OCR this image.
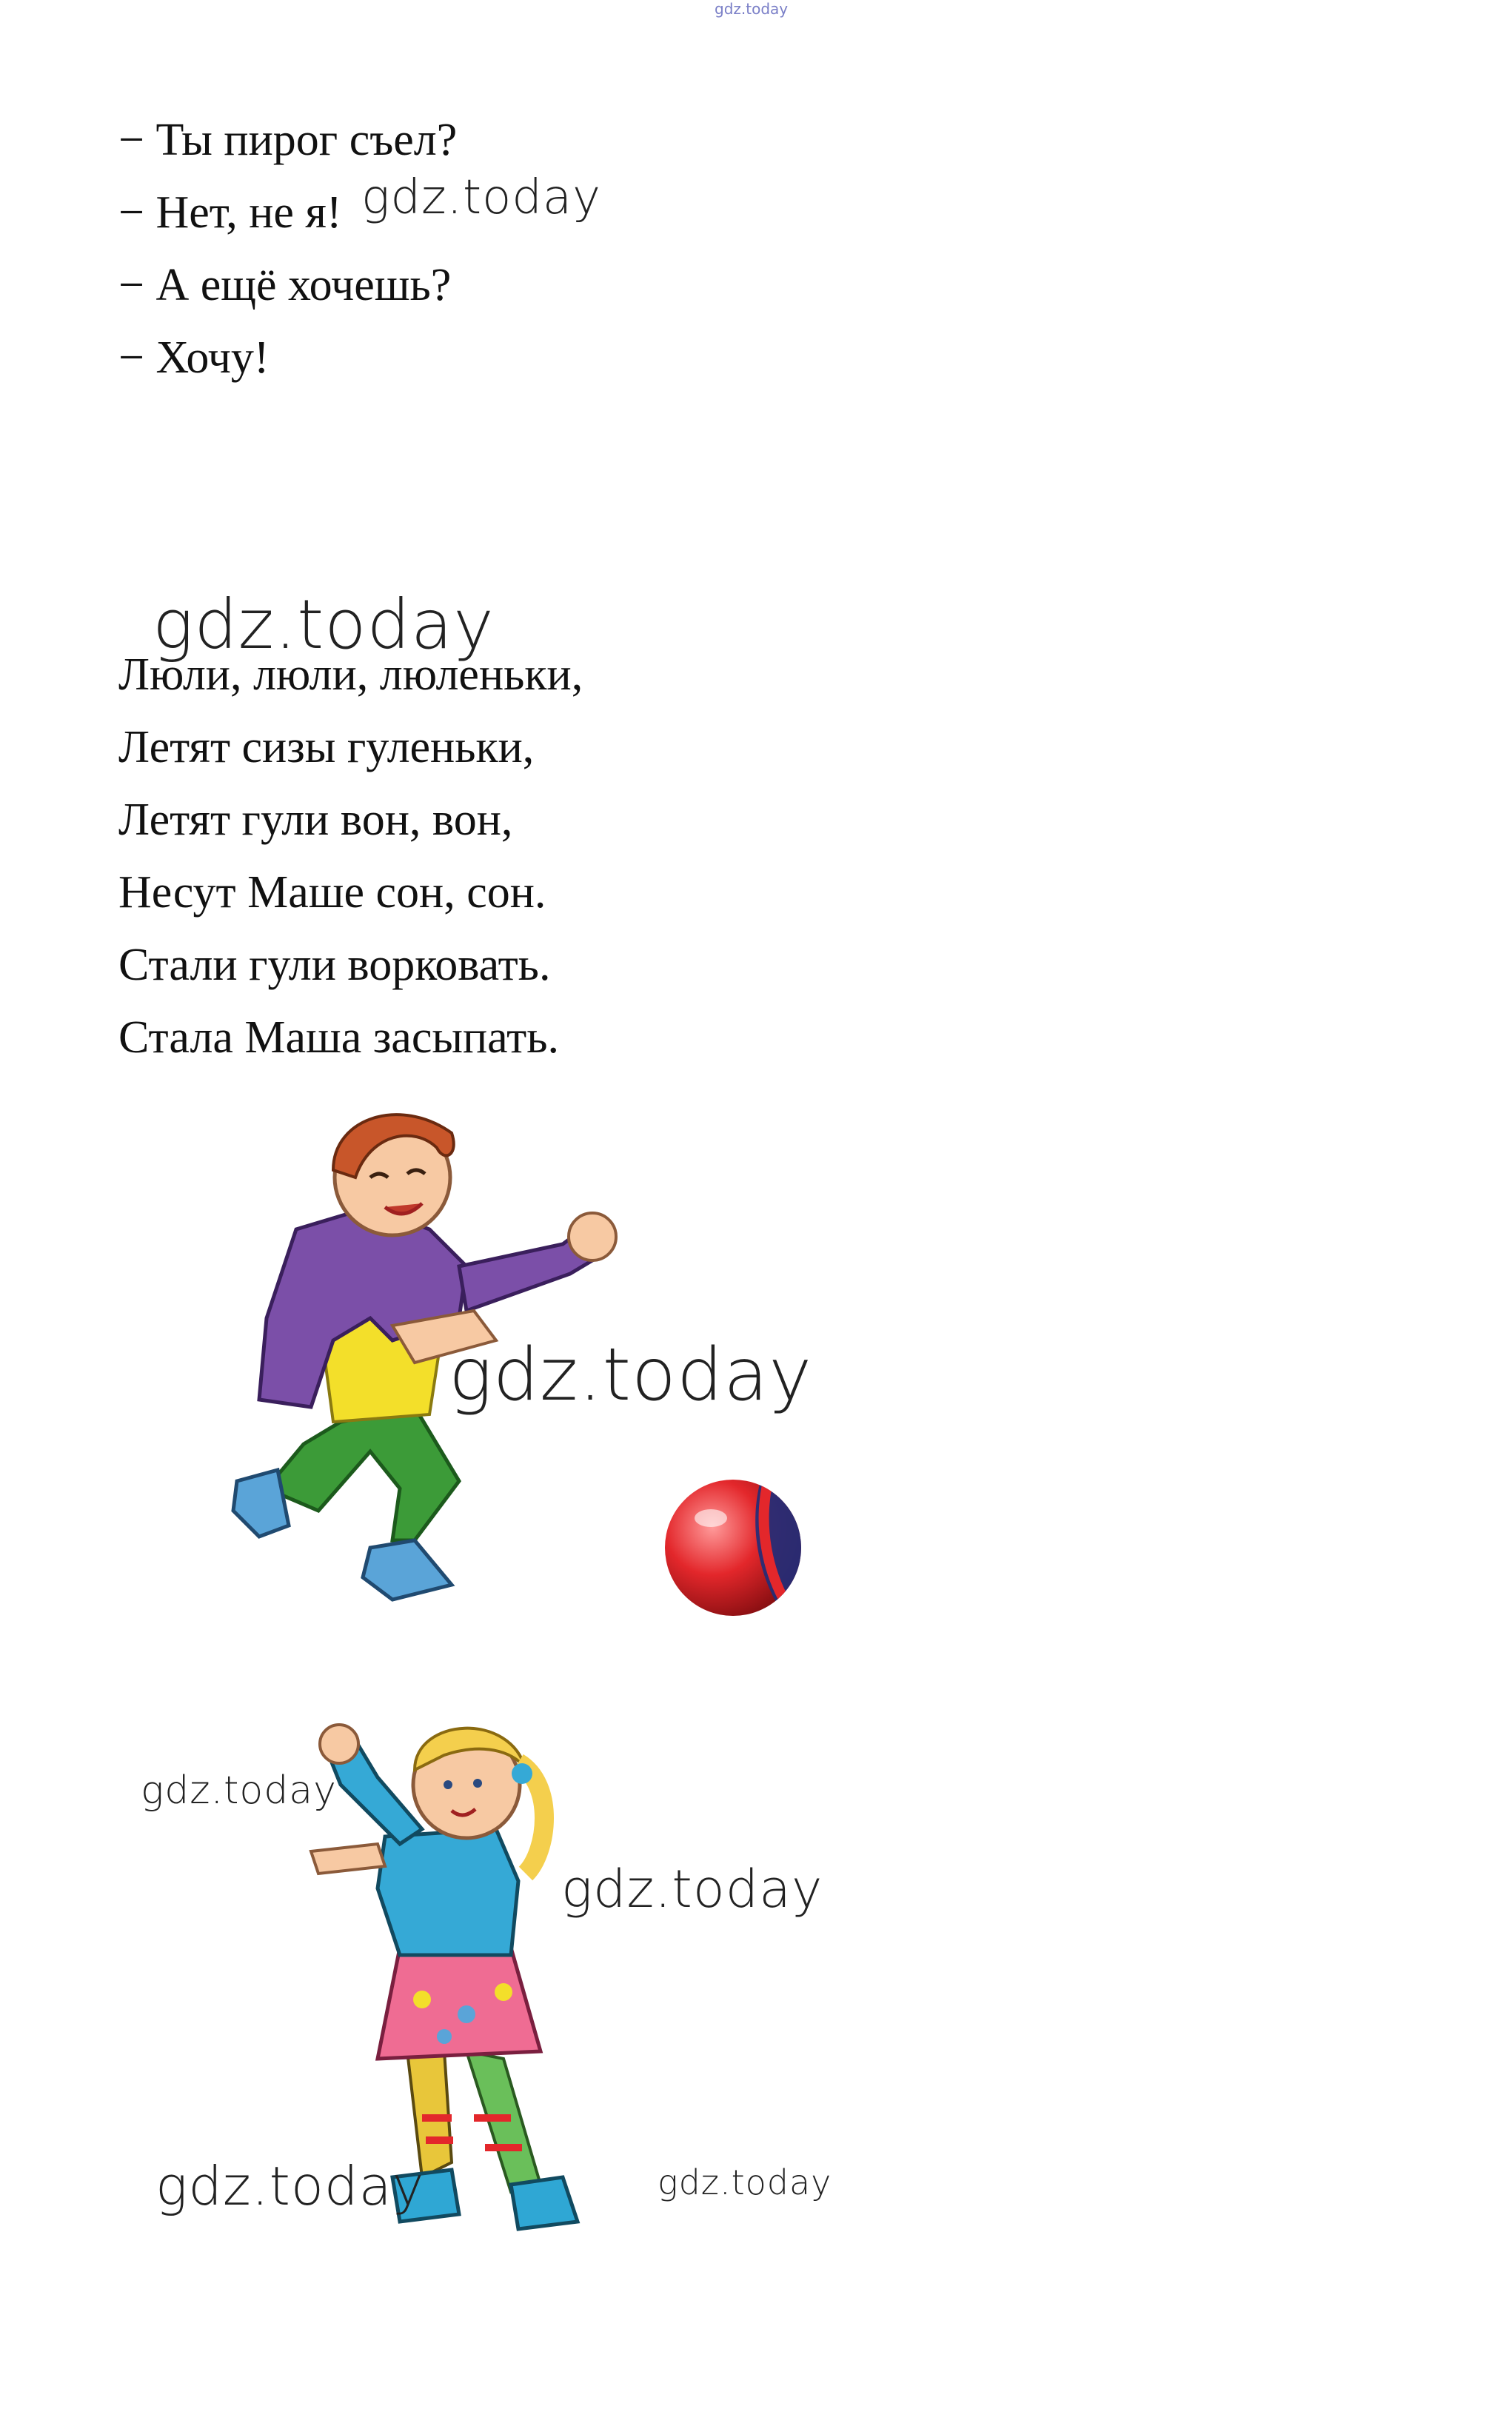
gdz.today
− Ты пирог съел?
− Нет, не я!
− А ещё хочешь?
− Хочу!
gdz.today
gdz.today
Люли, люли, люленьки,
Летят сизы гуленьки,
Летят гули вон, вон,
Несут Маше сон, сон.
Стали гули ворковать.
Стала Маша засыпать.
gdz.today
gdz.today
gdz.today
gdz.today	gdz.today
